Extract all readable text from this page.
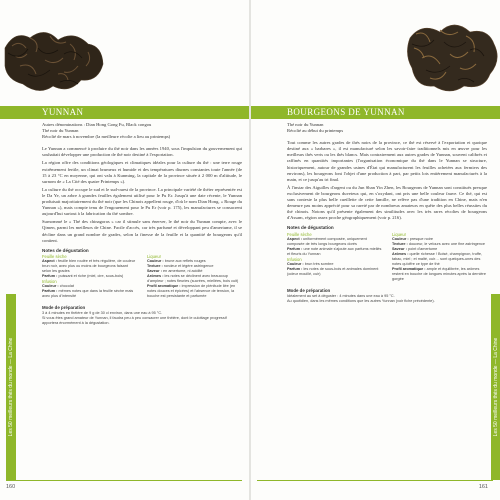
YUNNAN
Autres dénominations : Dian Hong Gong Fu, Black congou
Thé noir du Yunnan
Récolté de mars à novembre (la meilleure récolte a lieu au printemps)

Le Yunnan a commencé à produire du thé noir dans les années 1940, sous l'impulsion du gouvernement qui souhaitait développer une production de thé noir destiné à l'exportation.

La région offre des conditions géologiques et climatiques idéales pour la culture du thé : une terre rouge extrêmement fertile, un climat brumeux et humide et des températures diurnes constantes toute l'année (de 15 à 23 °C en moyenne, qui ont valu à Kunming, la capitale de la province située à 2 000 m d'altitude, le surnom de « La Cité des quatre Printemps »).

La culture du thé occupe le sud et le sud-ouest de la province. La principale variété de théier représentée est le Da Ye, un arbre à grandes feuilles également utilisé pour le Pu Er. Jusqu'à une date récente, le Yunnan produisait majoritairement du thé noir (que les Chinois appellent rouge, d'où le nom Dian Hong, « Rouge du Yunnan »), mais compte tenu de l'engouement pour le Pu Er (voir p. 175), les manufactures se consacrent aujourd'hui surtout à la fabrication du thé sombre.

Surnommé le « Thé des chinagoras » car il stimule sans énerver, le thé noir du Yunnan compte, avec le Qimen, parmi les meilleurs de Chine. Facile d'accès, car très parfumé et développant peu d'amertume, il se décline dans un grand nombre de grades, selon la finesse de la feuille et la quantité de bourgeons qu'il contient.

Notes de dégustation
Feuille sèche
Aspect : feuille bien roulée et très régulière, de couleur brun noir, avec plus ou moins de bourgeons faisant selon les grades
Parfum : puissant et riche (miel, cire, sous-bois)
Infusion
Couleur : chocolat
Parfum : mêmes notes que dans la feuille sèche mais avec plus d'intensité
Liqueur
Couleur : brune aux reflets rouges
Texture : rondeur et légère astringence
Saveur : en amertume, ni acidité
Arômes : les notes se déclinent avec beaucoup d'ampleur ; notes fleuries (sucrées, miellées, bois cuit)
Profil aromatique : impression de plénitude liée (en notes douces et épicées) et l'absence de tension, la bouche est persistante et parfumée
Mode de préparation
3 à 4 minutes en théière de 9 g de 30 cl environ, dans une eau à 95 °C.
Si vous êtes grand amateur de Yunnan, il faudra peu à peu consacrer une théière, dont le culottage progressif apportera énormément à la dégustation.
Les 50 meilleurs thés du monde — La Chine
160
BOURGEONS DE YUNNAN
Thé noir du Yunnan
Récolté au début du printemps

Tout comme les autres grades de thés noirs de la province, ce thé est réservé à l'exportation et quoique destiné aux « barbares », il est manufacturé selon les savoir-faire traditionnels mis en œuvre pour les meilleurs thés verts ou les thés blancs. Mais contrairement aux autres grades de Yunnan, souvent calibrés et raffinés en quantités importantes (l'organisation économique du thé dans le Yunnan se structure, historiquement, autour de grandes usines d'État qui manufacturent les feuilles achetées aux fermiers des environs), les bourgeons font l'objet d'une production à part, par petits lots entièrement manufacturés à la main, et ce jusqu'au tri final.

À l'instar des Aiguilles d'argent ou du Jun Shan Yin Zhen, les Bourgeons de Yunnan sont constitués presque exclusivement de bourgeons duveteux qui, en s'oxydant, ont pris une belle couleur fauve. Ce thé, qui est sans conteste la plus belle cueillette de cette famille, ne relève pas d'une tradition en Chine, mais n'en demeure pas moins apprécié pour sa rareté par de nombreux amateurs en quête des plus belles réussites du thé chinois. Notons qu'il présente également des similitudes avec les très rares récoltes de bourgeons d'Assam, région assez proche géographiquement (voir p. 216).

Notes de dégustation
Feuille sèche
Aspect : uniformément composée, uniquement composée de très longs bourgeons dorés
Parfum : une note animale s'ajoute aux parfums miellés et fleuris du Yunnan
Infusion
Couleur : brun très sombre
Parfum : les notes de sous-bois et animales dominent (odeur mouillé, cuir)
Liqueur
Couleur : presque noire
Texture : douceur, le velours avec une fine astringence
Saveur : point d'amertume
Arômes : quelle richesse ! Boisé, champignon, truffe, tabac, miel ; et malté, cuir… sont quelques-unes des notes qu'offre ce type de thé
Profil aromatique : ample et équilibrée, les arômes restent en bouche de longues minutes après la dernière gorgée
Mode de préparation
Idéalement au set à déguster : 4 minutes dans une eau à 95 °C.
Au quotidien, dans les mêmes conditions que les autres Yunnan (voir fiche précédente).
Les 50 meilleurs thés du monde — La Chine
161
